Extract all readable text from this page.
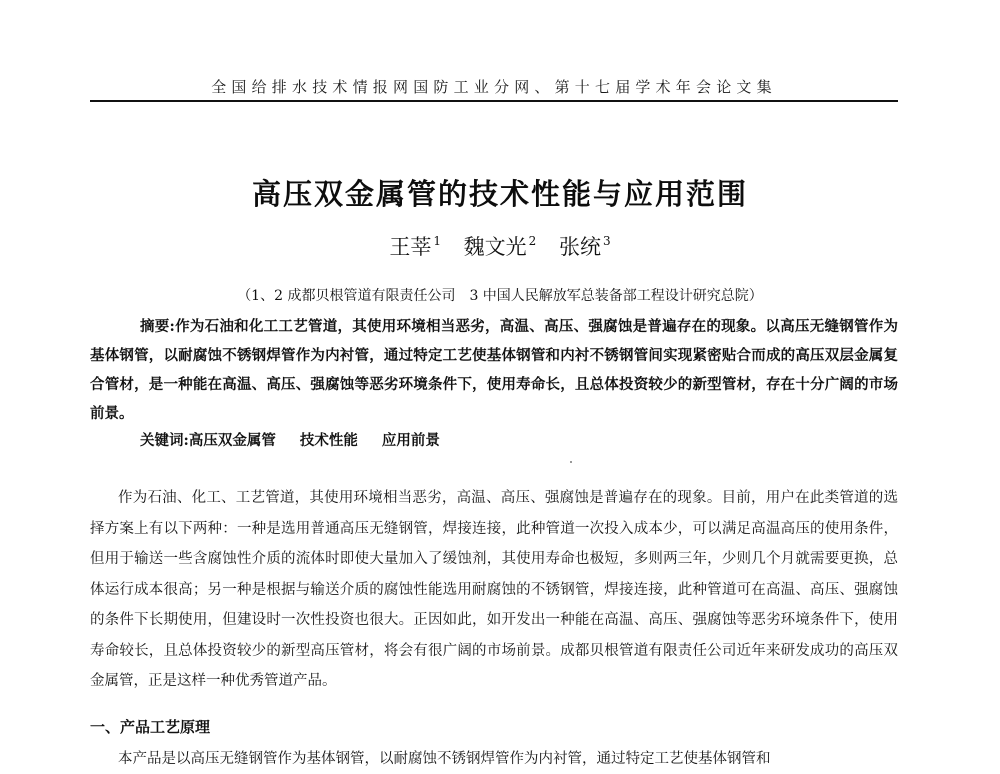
全国给排水技术情报网国防工业分网、第十七届学术年会论文集
高压双金属管的技术性能与应用范围
王莘 $^1$ 魏文光 $^2$ 张统 $^3$
（1、2 成都贝根管道有限责任公司　3 中国人民解放军总装备部工程设计研究总院）
摘要:作为石油和化工工艺管道，其使用环境相当恶劣，高温、高压、强腐蚀是普遍存在的现象。以高压无缝钢管作为基体钢管，以耐腐蚀不锈钢焊管作为内衬管，通过特定工艺使基体钢管和内衬不锈钢管间实现紧密贴合而成的高压双层金属复合管材，是一种能在高温、高压、强腐蚀等恶劣环境条件下，使用寿命长，且总体投资较少的新型管材，存在十分广阔的市场前景。
关键词:高压双金属管 技术性能 应用前景
作为石油、化工、工艺管道，其使用环境相当恶劣，高温、高压、强腐蚀是普遍存在的现象。目前，用户在此类管道的选择方案上有以下两种：一种是选用普通高压无缝钢管，焊接连接，此种管道一次投入成本少，可以满足高温高压的使用条件，但用于输送一些含腐蚀性介质的流体时即使大量加入了缓蚀剂，其使用寿命也极短，多则两三年，少则几个月就需要更换，总体运行成本很高；另一种是根据与输送介质的腐蚀性能选用耐腐蚀的不锈钢管，焊接连接，此种管道可在高温、高压、强腐蚀的条件下长期使用，但建设时一次性投资也很大。正因如此，如开发出一种能在高温、高压、强腐蚀等恶劣环境条件下，使用寿命较长，且总体投资较少的新型高压管材，将会有很广阔的市场前景。成都贝根管道有限责任公司近年来研发成功的高压双金属管，正是这样一种优秀管道产品。
一、产品工艺原理
本产品是以高压无缝钢管作为基体钢管，以耐腐蚀不锈钢焊管作为内衬管，通过特定工艺使基体钢管和
